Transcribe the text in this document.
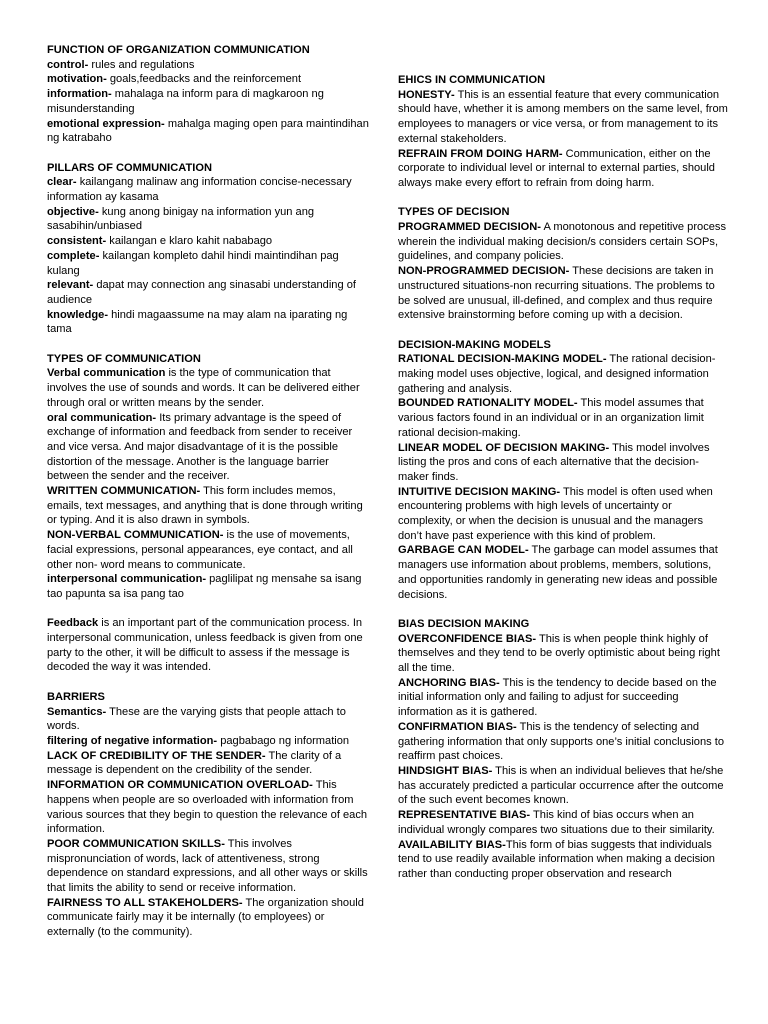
FUNCTION OF ORGANIZATION COMMUNICATION
control- rules and regulations
motivation- goals,feedbacks and the reinforcement
information- mahalaga na inform para di magkaroon ng misunderstanding
emotional expression- mahalga maging open para maintindihan ng katrabaho
PILLARS OF COMMUNICATION
clear- kailangang malinaw ang information concise-necessary information ay kasama
objective- kung anong binigay na information yun ang sasabihin/unbiased
consistent- kailangan e klaro kahit nababago
complete- kailangan kompleto dahil hindi maintindihan pag kulang
relevant- dapat may connection ang sinasabi understanding of audience
knowledge- hindi magaassume na may alam na iparating ng tama
TYPES OF COMMUNICATION
Verbal communication is the type of communication that involves the use of sounds and words. It can be delivered either through oral or written means by the sender.
oral communication- Its primary advantage is the speed of exchange of information and feedback from sender to receiver and vice versa. And major disadvantage of it is the possible distortion of the message. Another is the language barrier between the sender and the receiver.
WRITTEN COMMUNICATION- This form includes memos, emails, text messages, and anything that is done through writing or typing. And it is also drawn in symbols.
NON-VERBAL COMMUNICATION- is the use of movements, facial expressions, personal appearances, eye contact, and all other non- word means to communicate.
interpersonal communication- paglilipat ng mensahe sa isang tao papunta sa isa pang tao
Feedback is an important part of the communication process. In interpersonal communication, unless feedback is given from one party to the other, it will be difficult to assess if the message is decoded the way it was intended.
BARRIERS
Semantics- These are the varying gists that people attach to words.
filtering of negative information- pagbabago ng information
LACK OF CREDIBILITY OF THE SENDER- The clarity of a message is dependent on the credibility of the sender.
INFORMATION OR COMMUNICATION OVERLOAD- This happens when people are so overloaded with information from various sources that they begin to question the relevance of each information.
POOR COMMUNICATION SKILLS- This involves mispronunciation of words, lack of attentiveness, strong dependence on standard expressions, and all other ways or skills that limits the ability to send or receive information.
FAIRNESS TO ALL STAKEHOLDERS- The organization should communicate fairly may it be internally (to employees) or externally (to the community).
EHICS IN COMMUNICATION
HONESTY- This is an essential feature that every communication should have, whether it is among members on the same level, from employees to managers or vice versa, or from management to its external stakeholders.
REFRAIN FROM DOING HARM- Communication, either on the corporate to individual level or internal to external parties, should always make every effort to refrain from doing harm.
TYPES OF DECISION
PROGRAMMED DECISION- A monotonous and repetitive process wherein the individual making decision/s considers certain SOPs, guidelines, and company policies.
NON-PROGRAMMED DECISION- These decisions are taken in unstructured situations-non recurring situations. The problems to be solved are unusual, ill-defined, and complex and thus require extensive brainstorming before coming up with a decision.
DECISION-MAKING MODELS
RATIONAL DECISION-MAKING MODEL- The rational decision-making model uses objective, logical, and designed information gathering and analysis.
BOUNDED RATIONALITY MODEL- This model assumes that various factors found in an individual or in an organization limit rational decision-making.
LINEAR MODEL OF DECISION MAKING- This model involves listing the pros and cons of each alternative that the decision-maker finds.
INTUITIVE DECISION MAKING- This model is often used when encountering problems with high levels of uncertainty or complexity, or when the decision is unusual and the managers don’t have past experience with this kind of problem.
GARBAGE CAN MODEL- The garbage can model assumes that managers use information about problems, members, solutions, and opportunities randomly in generating new ideas and possible decisions.
BIAS DECISION MAKING
OVERCONFIDENCE BIAS- This is when people think highly of themselves and they tend to be overly optimistic about being right all the time.
ANCHORING BIAS- This is the tendency to decide based on the initial information only and failing to adjust for succeeding information as it is gathered.
CONFIRMATION BIAS- This is the tendency of selecting and gathering information that only supports one’s initial conclusions to reaffirm past choices.
HINDSIGHT BIAS- This is when an individual believes that he/she has accurately predicted a particular occurrence after the outcome of the such event becomes known.
REPRESENTATIVE BIAS- This kind of bias occurs when an individual wrongly compares two situations due to their similarity.
AVAILABILITY BIAS-This form of bias suggests that individuals tend to use readily available information when making a decision rather than conducting proper observation and research
